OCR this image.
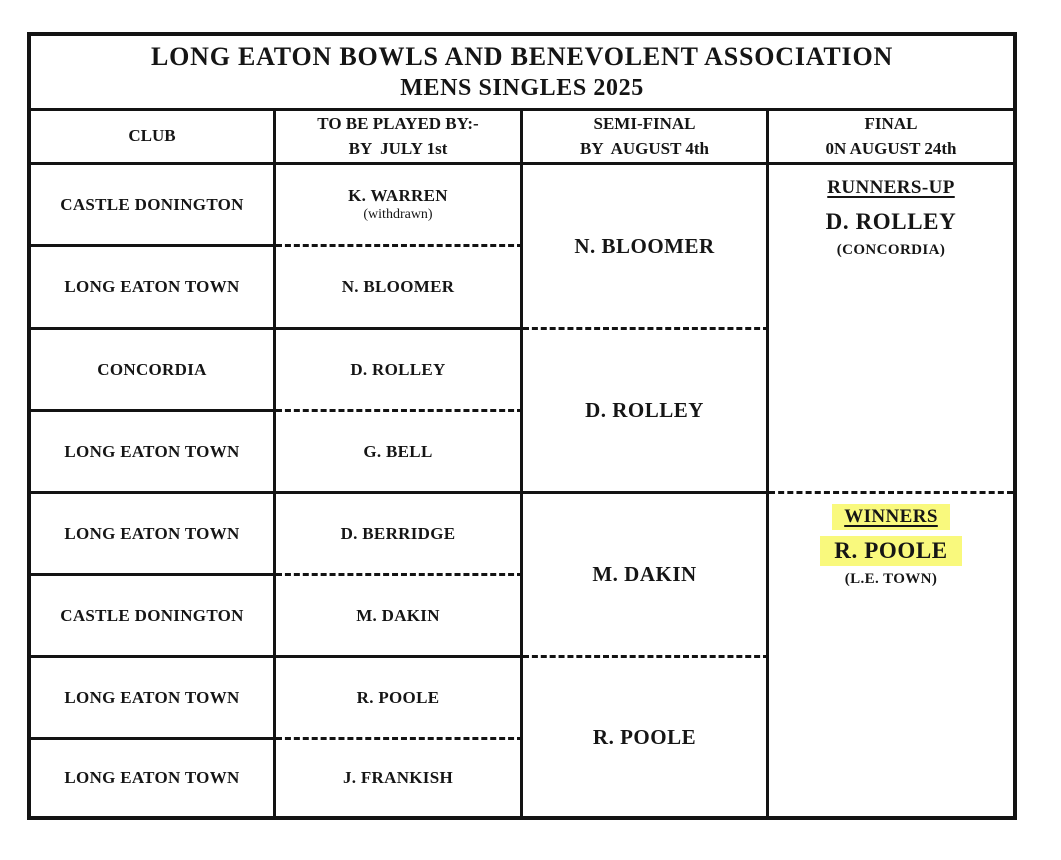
LONG EATON BOWLS AND BENEVOLENT ASSOCIATION
MENS SINGLES 2025
CLUB
TO BE PLAYED BY:-
BY  JULY 1st
SEMI-FINAL
BY  AUGUST 4th
FINAL
0N AUGUST 24th
CASTLE DONINGTON
LONG EATON TOWN
CONCORDIA
LONG EATON TOWN
LONG EATON TOWN
CASTLE DONINGTON
LONG EATON TOWN
LONG EATON TOWN
K. WARREN
(withdrawn)
N. BLOOMER
D. ROLLEY
G. BELL
D. BERRIDGE
M. DAKIN
R. POOLE
J. FRANKISH
N. BLOOMER
D. ROLLEY
M. DAKIN
R. POOLE
RUNNERS-UP
D. ROLLEY
(CONCORDIA)
WINNERS
R. POOLE
(L.E. TOWN)
